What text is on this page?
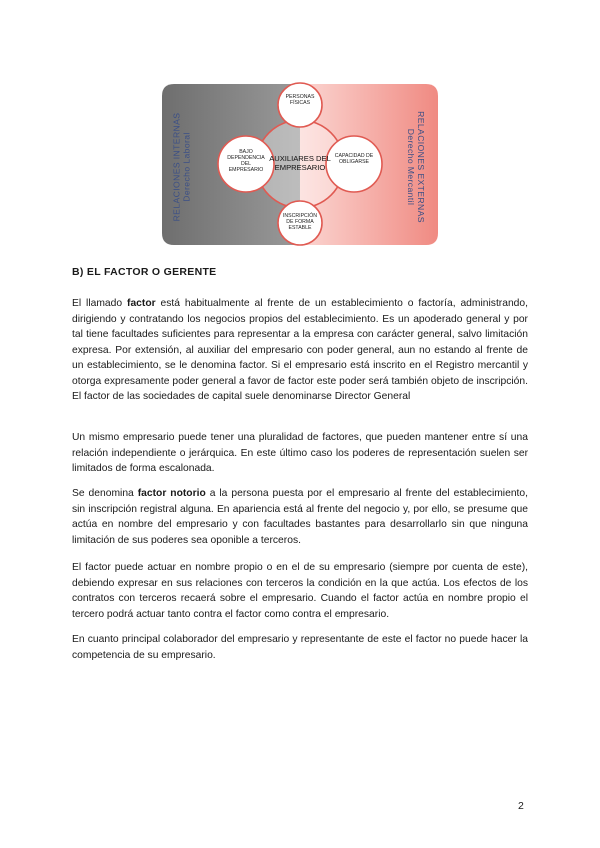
RELACIONES INTERNAS Derecho Laboral	RELACIONES EXTERNAS
Derecho Mercantil
AUXILIARES DEL
EMPRESARIO
PERSONAS FÍSICAS
BAJO DEPENDENCIA DEL EMPRESARIO
CAPACIDAD DE OBLIGARSE
INSCRIPCIÓN DE FORMA ESTABLE
B) EL FACTOR O GERENTE

El llamado factor está habitualmente al frente de un establecimiento o factoría, administrando, dirigiendo y contratando los negocios propios del establecimiento. Es un apoderado general y por tal tiene facultades suficientes para representar a la empresa con carácter general, salvo limitación expresa. Por extensión, al auxiliar del empresario con poder general, aun no estando al frente de un establecimiento, se le denomina factor. Si el empresario está inscrito en el Registro mercantil y otorga expresamente poder general a favor de factor este poder será también objeto de inscripción. El factor de las sociedades de capital suele denominarse Director General

Un mismo empresario puede tener una pluralidad de factores, que pueden mantener entre sí una relación independiente o jerárquica. En este último caso los poderes de representación suelen ser limitados de forma escalonada.

Se denomina factor notorio a la persona puesta por el empresario al frente del establecimiento, sin inscripción registral alguna. En apariencia está al frente del negocio y, por ello, se presume que actúa en nombre del empresario y con facultades bastantes para desarrollarlo sin que ninguna limitación de sus poderes sea oponible a terceros.

El factor puede actuar en nombre propio o en el de su empresario (siempre por cuenta de este), debiendo expresar en sus relaciones con terceros la condición en la que actúa. Los efectos de los contratos con terceros recaerá sobre el empresario. Cuando el factor actúa en nombre propio el tercero podrá actuar tanto contra el factor como contra el empresario.

En cuanto principal colaborador del empresario y representante de este el factor no puede hacer la competencia de su empresario.

2
